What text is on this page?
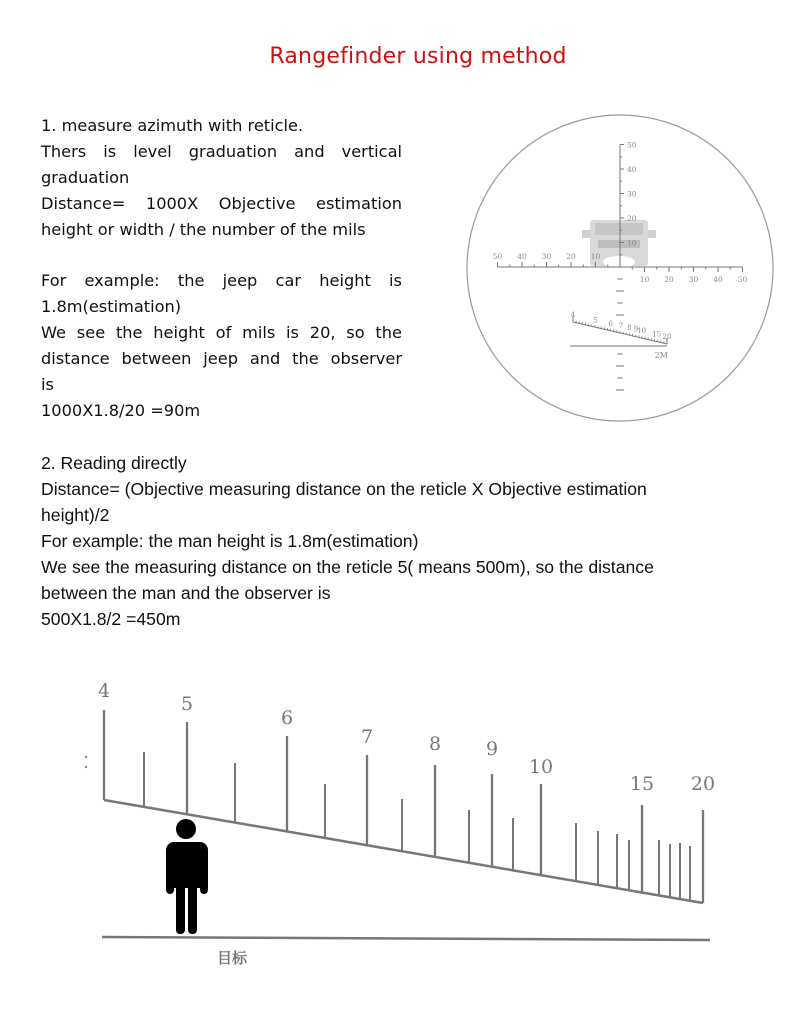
Rangefinder using method
1. measure azimuth with reticle.
Thers is level graduation and vertical
graduation
Distance= 1000X Objective estimation
height or width / the number of the mils
For example: the jeep car height is
1.8m(estimation)
We see the height of mils is 20, so the
distance between jeep and the observer
is
1000X1.8/20 =90m
2. Reading directly
Distance= (Objective measuring distance on the reticle X Objective estimation
height)/2
For example: the man height is 1.8m(estimation)
We see the measuring distance on the reticle 5( means 500m), so the distance
between the man and the observer is
500X1.8/2 =450m
50
40
30
20
10
50 40 30 20 10
10 20 30 40 50
4
5 6 7 8 9
10 15 20
2M
4
5
6
7	8 9
10
15 20
目标
